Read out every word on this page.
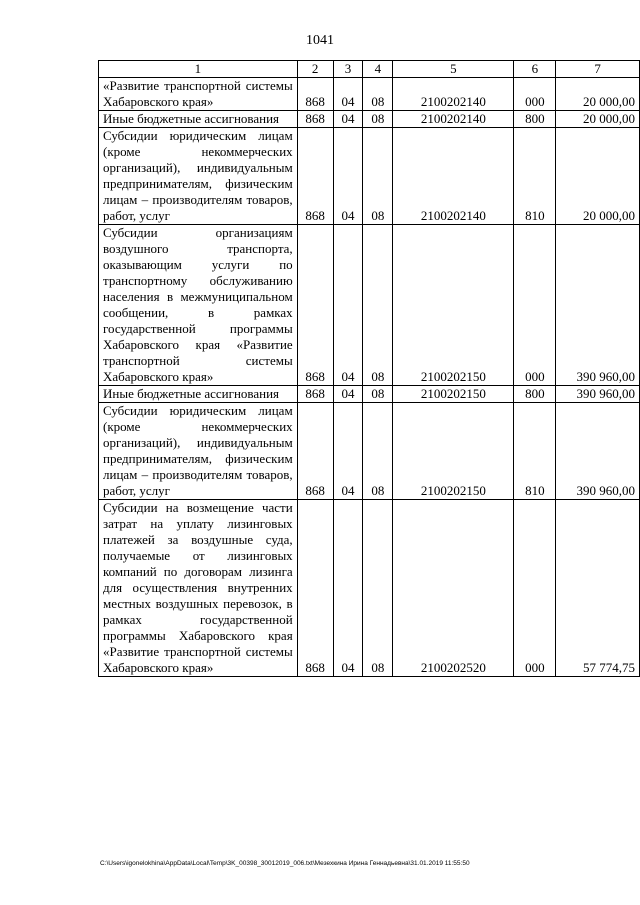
1041
1	2	3	4	5	6	7
«Развитие транспортной системы Хабаровского края»	868	04	08	2100202140	000	20 000,00
Иные бюджетные ассигнования	868	04	08	2100202140	800	20 000,00
Субсидии юридическим лицам (кроме некоммерческих организаций), индивидуальным предпринимателям, физическим лицам – производителям товаров, работ, услуг	868	04	08	2100202140	810	20 000,00
Субсидии организациям воздушного транспорта, оказывающим услуги по транспортному обслуживанию населения в межмуниципальном сообщении, в рамках государственной программы Хабаровского края «Развитие транспортной системы Хабаровского края»	868	04	08	2100202150	000	390 960,00
Иные бюджетные ассигнования	868	04	08	2100202150	800	390 960,00
Субсидии юридическим лицам (кроме некоммерческих организаций), индивидуальным предпринимателям, физическим лицам – производителям товаров, работ, услуг	868	04	08	2100202150	810	390 960,00
Субсидии на возмещение части затрат на уплату лизинговых платежей за воздушные суда, получаемые от лизинговых компаний по договорам лизинга для осуществления внутренних местных воздушных перевозок, в рамках государственной программы Хабаровского края «Развитие транспортной системы Хабаровского края»	868	04	08	2100202520	000	57 774,75
C:\Users\igonelokhina\AppData\Local\Temp\3K_00398_30012019_006.txt\Мезехкина Ирина Геннадьевна\31.01.2019 11:55:50
